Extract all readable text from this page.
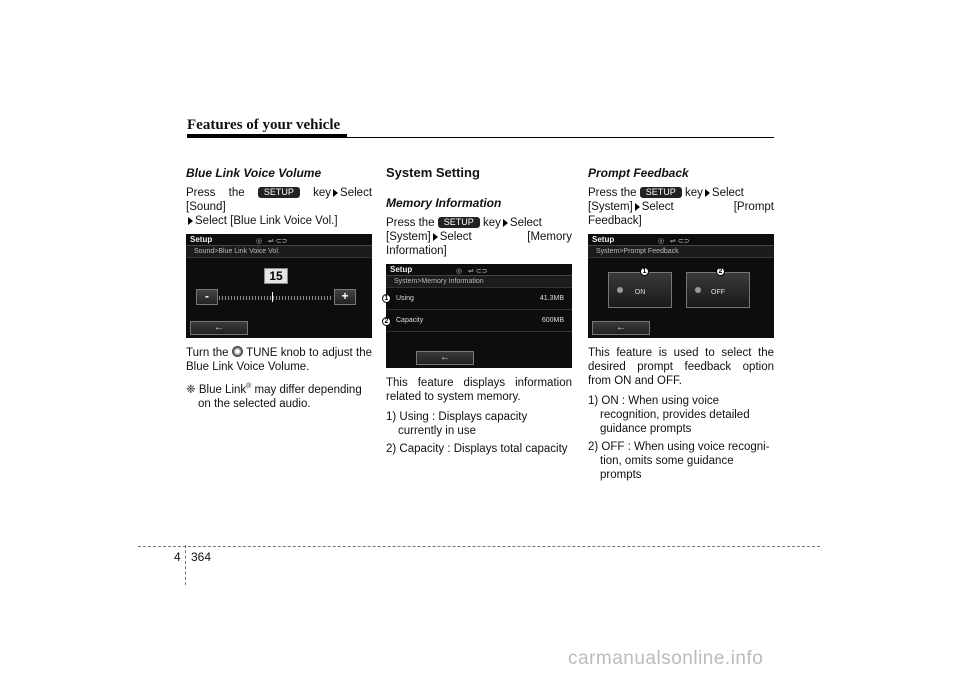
Features of your vehicle
Blue Link Voice Volume
Press the SETUP key Select [Sound]
Select [Blue Link Voice Vol.]
Setup	◎   ⇌ ⊂⊃
Sound>Blue Link Voice Vol.
15
-	+
←

Turn the TUNE knob to adjust the Blue Link Voice Volume.

❈ Blue Link® may differ depending on the selected audio.

System Setting
Memory Information
Press the SETUP key Select
[System] Select [Memory Information]
Setup	◎   ⇌ ⊂⊃
System>Memory Information
Using	41.3MB
Capacity	600MB
1
2
←

This feature displays information related to system memory.

1) Using : Displays capacity currently in use

2) Capacity : Displays total capacity

Prompt Feedback
Press the SETUP key Select
[System] Select [Prompt Feedback]
Setup	◎   ⇌ ⊂⊃
System>Prompt Feedback
ON	OFF
1	2
←

This feature is used to select the desired prompt feedback option from ON and OFF.

1) ON : When using voice recognition, provides detailed guidance prompts

2) OFF : When using voice recogni-tion, omits some guidance prompts

4 364
carmanualsonline.info
